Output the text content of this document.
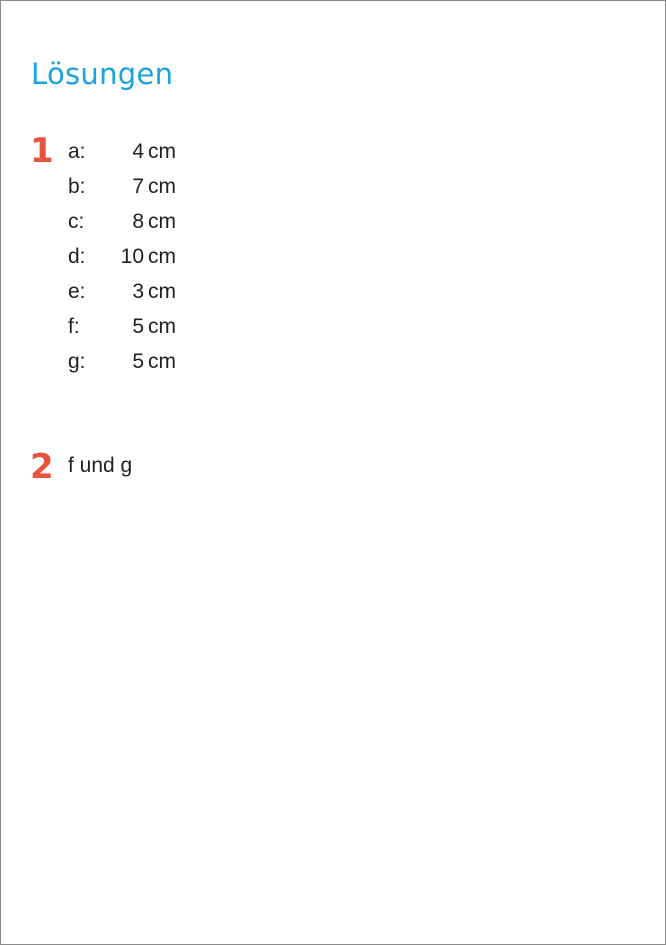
Lösungen
1 a:	4 cm
b:	7 cm
c:	8 cm
d:	10 cm
e:	3 cm
f:	5 cm
g:	5 cm
2 f und g
